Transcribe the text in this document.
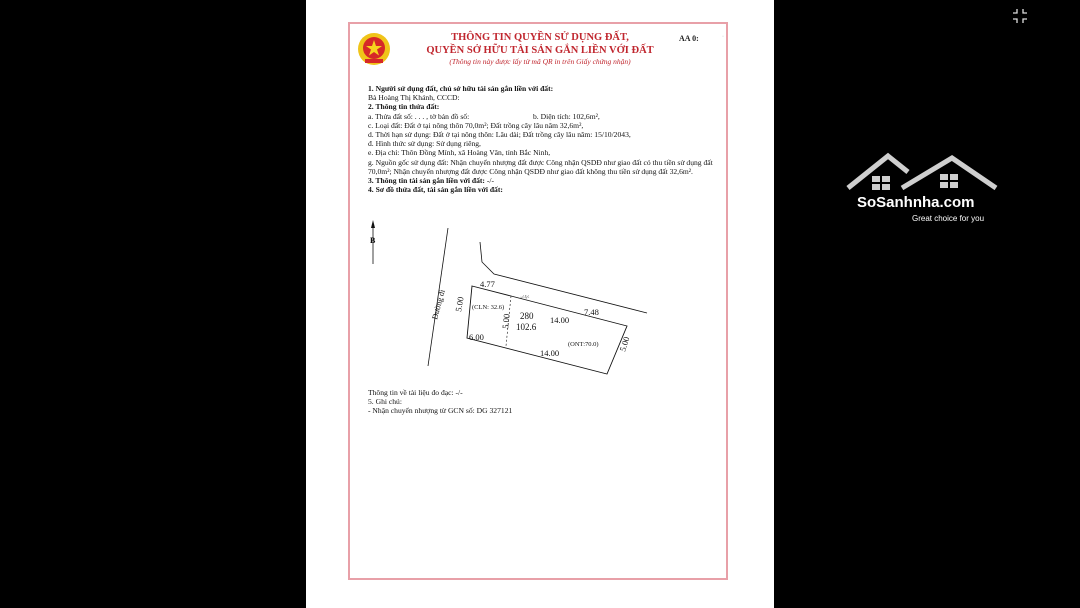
THÔNG TIN QUYỀN SỬ DỤNG ĐẤT,
QUYỀN SỞ HỮU TÀI SẢN GẮN LIỀN VỚI ĐẤT
(Thông tin này được lấy từ mã QR in trên Giấy chứng nhận)
AA 0:	·
1. Người sử dụng đất, chủ sở hữu tài sản gắn liền với đất:
Bà Hoàng Thị Khánh, CCCD:
2. Thông tin thửa đất:
a. Thửa đất số: . . . , tờ bản đồ số:	b. Diện tích: 102,6m²,
c. Loại đất: Đất ở tại nông thôn 70,0m²; Đất trồng cây lâu năm 32,6m²,
d. Thời hạn sử dụng: Đất ở tại nông thôn: Lâu dài; Đất trồng cây lâu năm: 15/10/2043,
đ. Hình thức sử dụng: Sử dụng riêng,
e. Địa chỉ: Thôn Đồng Mính, xã Hoàng Vân, tỉnh Bắc Ninh,
g. Nguồn gốc sử dụng đất: Nhận chuyển nhượng đất được Công nhận QSDĐ như giao đất có thu tiền sử dụng đất 70,0m²; Nhận chuyển nhượng đất được Công nhận QSDĐ như giao đất không thu tiền sử dụng đất 32,6m².
3. Thông tin tài sản gắn liền với đất: -/-
4. Sơ đồ thửa đất, tài sản gắn liền với đất:
B
Đường đi
4.77
7.48
·∕·¹∕·
5.00
5.00
5.00
(CLN: 32.6)
280
102.6
14.00
(ONT:70.0)
6.00
14.00
Thông tin về tài liệu đo đạc: -/-
5. Ghi chú:
- Nhận chuyển nhượng từ GCN số: DG 327121
SoSanhnha.com
Great choice for you
